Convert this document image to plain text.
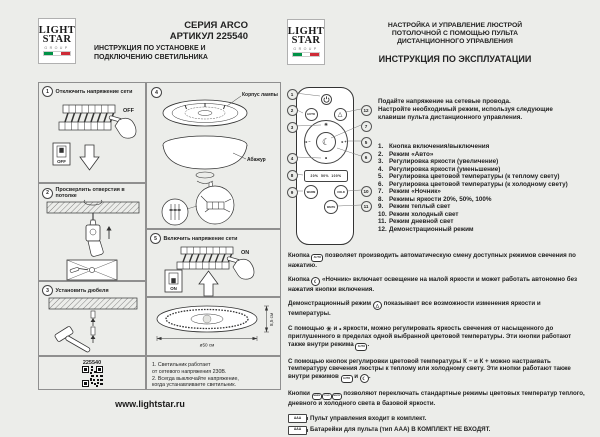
LIGHT
STAR
GROUP
СЕРИЯ ARCO
АРТИКУЛ 225540
ИНСТРУКЦИЯ ПО УСТАНОВКЕ И
ПОДКЛЮЧЕНИЮ СВЕТИЛЬНИКА
1	Отключить напряжение сети
OFF
OFF
2	Просверлить отверстия в потолке
3	Установить дюбеля
225540
4	Корпус лампы
Абажур
5	Включить напряжение сети
ON
ON
ø50 см
8,5 см
1. Светильник работает
от сетевого напряжения 230В.
2. Всегда выключайте напряжение,
когда устанавливаете светильник.
www.lightstar.ru
LIGHT
STAR
GROUP
НАСТРОЙКА И УПРАВЛЕНИЕ ЛЮСТРОЙ
ПОТОЛОЧНОЙ С ПОМОЩЬЮ ПУЛЬТА
ДИСТАНЦИОННОГО УПРАВЛЕНИЯ
ИНСТРУКЦИЯ ПО ЭКСПЛУАТАЦИИ
AUTO	△
☀
☾
к −	к +
•
20%  50%  100%
WARM	COLD
WHITE
1
2
3
4
8
9
12
7
5
6
10
11
Подайте напряжение на сетевые провода.
Настройте необходимый режим, используя следующие
клавиши пульта дистанционного управления.
1. Кнопка включения/выключения
2. Режим «Авто»
3. Регулировка яркости (увеличение)
4. Регулировка яркости (уменьшение)
5. Регулировка цветовой температуры (к теплому свету)
6. Регулировка цветовой температуры (к холодному свету)
7. Режим «Ночник»
8. Режимы яркости 20%, 50%, 100%
9. Режим теплый свет
10. Режим холодный свет
11. Режим дневной свет
12. Демонстрационный режим

Кнопка AUTO позволяет производить автоматическую смену доступных режимов свечения по нажатию.

Кнопка ☾ «Ночник» включает освещение на малой яркости и может работать автономно без нажатия кнопки включения.

Демонстрационный режим △ показывает все возможности изменения яркости и температуры.

С помощью ☀ и • яркости, можно регулировать яркость свечения от насыщенного до приглушенного в пределах одной выбранной цветовой температуры. Эти кнопки работают также внутри режима AUTO .

С помощью кнопок регулировки цветовой температуры К − и К + можно настраивать температуру свечения люстры к теплому или холодному свету. Эти кнопки работают также внутри режимов AUTO и ☾ .

Кнопки WARM COLD WHITE позволяют переключать стандартные режимы цветовых температур теплого, дневного и холодного света в базовой яркости.

AAA Пульт управления входит в комплект.
AAA Батарейки для пульта (тип ААА) В КОМПЛЕКТ НЕ ВХОДЯТ.
